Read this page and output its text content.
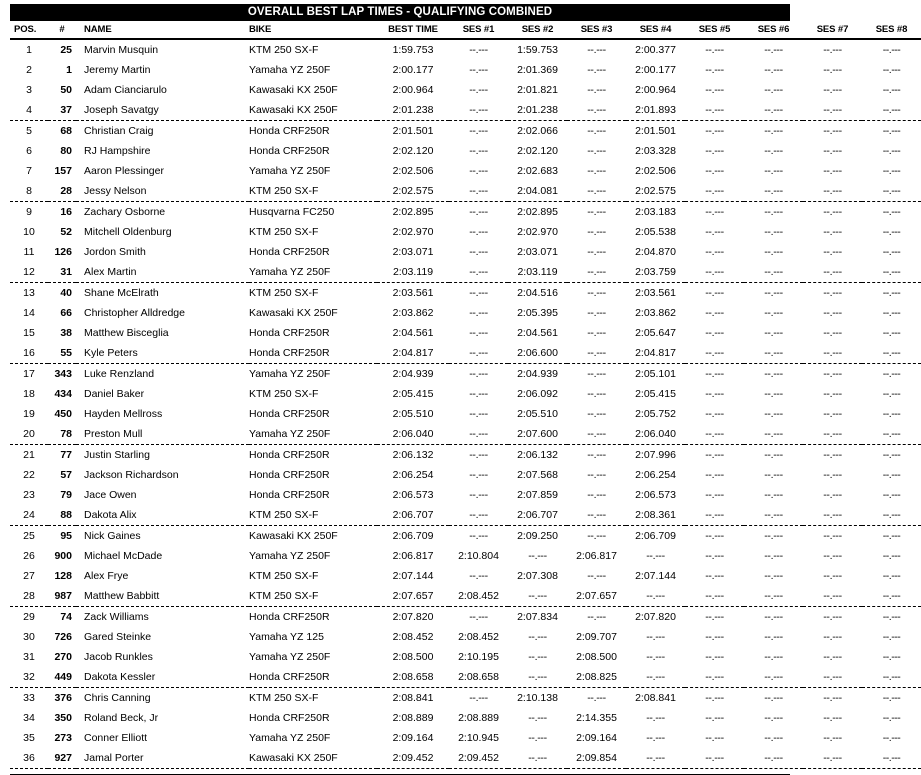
OVERALL BEST LAP TIMES - QUALIFYING COMBINED
POS.	#	NAME	BIKE	BEST TIME	SES #1	SES #2	SES #3	SES #4	SES #5	SES #6	SES #7	SES #8
1	25	Marvin Musquin	KTM 250 SX-F	1:59.753	--.---	1:59.753	--.---	2:00.377	--.---	--.---	--.---	--.---
2	1	Jeremy Martin	Yamaha YZ 250F	2:00.177	--.---	2:01.369	--.---	2:00.177	--.---	--.---	--.---	--.---
3	50	Adam Cianciarulo	Kawasaki KX 250F	2:00.964	--.---	2:01.821	--.---	2:00.964	--.---	--.---	--.---	--.---
4	37	Joseph Savatgy	Kawasaki KX 250F	2:01.238	--.---	2:01.238	--.---	2:01.893	--.---	--.---	--.---	--.---
5	68	Christian Craig	Honda CRF250R	2:01.501	--.---	2:02.066	--.---	2:01.501	--.---	--.---	--.---	--.---
6	80	RJ Hampshire	Honda CRF250R	2:02.120	--.---	2:02.120	--.---	2:03.328	--.---	--.---	--.---	--.---
7	157	Aaron Plessinger	Yamaha YZ 250F	2:02.506	--.---	2:02.683	--.---	2:02.506	--.---	--.---	--.---	--.---
8	28	Jessy Nelson	KTM 250 SX-F	2:02.575	--.---	2:04.081	--.---	2:02.575	--.---	--.---	--.---	--.---
9	16	Zachary Osborne	Husqvarna FC250	2:02.895	--.---	2:02.895	--.---	2:03.183	--.---	--.---	--.---	--.---
10	52	Mitchell Oldenburg	KTM 250 SX-F	2:02.970	--.---	2:02.970	--.---	2:05.538	--.---	--.---	--.---	--.---
11	126	Jordon Smith	Honda CRF250R	2:03.071	--.---	2:03.071	--.---	2:04.870	--.---	--.---	--.---	--.---
12	31	Alex Martin	Yamaha YZ 250F	2:03.119	--.---	2:03.119	--.---	2:03.759	--.---	--.---	--.---	--.---
13	40	Shane McElrath	KTM 250 SX-F	2:03.561	--.---	2:04.516	--.---	2:03.561	--.---	--.---	--.---	--.---
14	66	Christopher Alldredge	Kawasaki KX 250F	2:03.862	--.---	2:05.395	--.---	2:03.862	--.---	--.---	--.---	--.---
15	38	Matthew Bisceglia	Honda CRF250R	2:04.561	--.---	2:04.561	--.---	2:05.647	--.---	--.---	--.---	--.---
16	55	Kyle Peters	Honda CRF250R	2:04.817	--.---	2:06.600	--.---	2:04.817	--.---	--.---	--.---	--.---
17	343	Luke Renzland	Yamaha YZ 250F	2:04.939	--.---	2:04.939	--.---	2:05.101	--.---	--.---	--.---	--.---
18	434	Daniel Baker	KTM 250 SX-F	2:05.415	--.---	2:06.092	--.---	2:05.415	--.---	--.---	--.---	--.---
19	450	Hayden Mellross	Honda CRF250R	2:05.510	--.---	2:05.510	--.---	2:05.752	--.---	--.---	--.---	--.---
20	78	Preston Mull	Yamaha YZ 250F	2:06.040	--.---	2:07.600	--.---	2:06.040	--.---	--.---	--.---	--.---
21	77	Justin Starling	Honda CRF250R	2:06.132	--.---	2:06.132	--.---	2:07.996	--.---	--.---	--.---	--.---
22	57	Jackson Richardson	Honda CRF250R	2:06.254	--.---	2:07.568	--.---	2:06.254	--.---	--.---	--.---	--.---
23	79	Jace Owen	Honda CRF250R	2:06.573	--.---	2:07.859	--.---	2:06.573	--.---	--.---	--.---	--.---
24	88	Dakota Alix	KTM 250 SX-F	2:06.707	--.---	2:06.707	--.---	2:08.361	--.---	--.---	--.---	--.---
25	95	Nick Gaines	Kawasaki KX 250F	2:06.709	--.---	2:09.250	--.---	2:06.709	--.---	--.---	--.---	--.---
26	900	Michael McDade	Yamaha YZ 250F	2:06.817	2:10.804	--.---	2:06.817	--.---	--.---	--.---	--.---	--.---
27	128	Alex Frye	KTM 250 SX-F	2:07.144	--.---	2:07.308	--.---	2:07.144	--.---	--.---	--.---	--.---
28	987	Matthew Babbitt	KTM 250 SX-F	2:07.657	2:08.452	--.---	2:07.657	--.---	--.---	--.---	--.---	--.---
29	74	Zack Williams	Honda CRF250R	2:07.820	--.---	2:07.834	--.---	2:07.820	--.---	--.---	--.---	--.---
30	726	Gared Steinke	Yamaha YZ 125	2:08.452	2:08.452	--.---	2:09.707	--.---	--.---	--.---	--.---	--.---
31	270	Jacob Runkles	Yamaha YZ 250F	2:08.500	2:10.195	--.---	2:08.500	--.---	--.---	--.---	--.---	--.---
32	449	Dakota Kessler	Honda CRF250R	2:08.658	2:08.658	--.---	2:08.825	--.---	--.---	--.---	--.---	--.---
33	376	Chris Canning	KTM 250 SX-F	2:08.841	--.---	2:10.138	--.---	2:08.841	--.---	--.---	--.---	--.---
34	350	Roland Beck, Jr	Honda CRF250R	2:08.889	2:08.889	--.---	2:14.355	--.---	--.---	--.---	--.---	--.---
35	273	Conner Elliott	Yamaha YZ 250F	2:09.164	2:10.945	--.---	2:09.164	--.---	--.---	--.---	--.---	--.---
36	927	Jamal Porter	Kawasaki KX 250F	2:09.452	2:09.452	--.---	2:09.854	--.---	--.---	--.---	--.---	--.---
